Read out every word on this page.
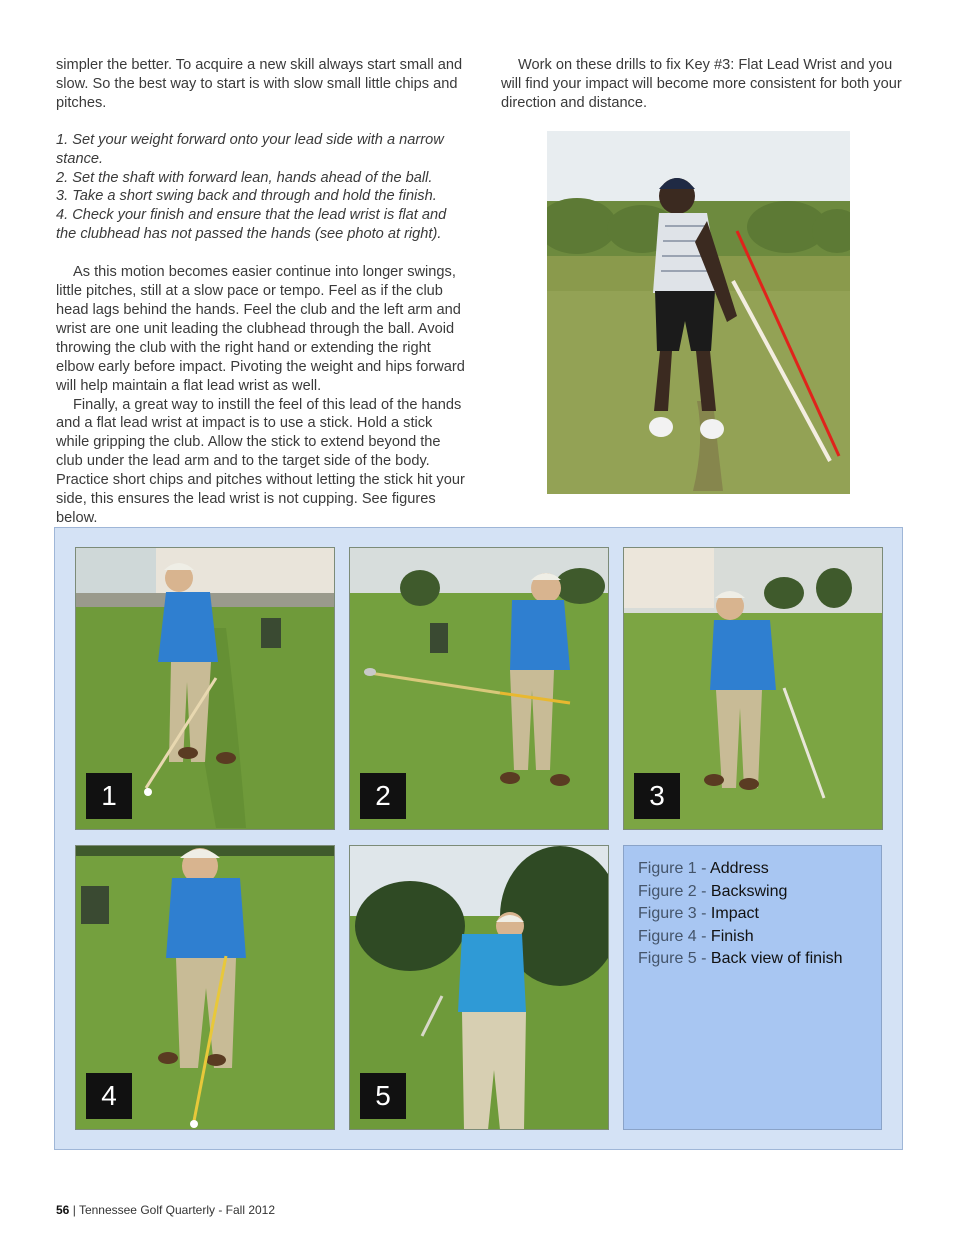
simpler the better. To acquire a new skill always start small and slow. So the best way to start is with slow small little chips and pitches.

1. Set your weight forward onto your lead side with a narrow stance.
2. Set the shaft with forward lean, hands ahead of the ball.
3. Take a short swing back and through and hold the finish.
4. Check your finish and ensure that the lead wrist is flat and the clubhead has not passed the hands (see photo at right).

As this motion becomes easier continue into longer swings, little pitches, still at a slow pace or tempo. Feel as if the club head lags behind the hands. Feel the club and the left arm and wrist are one unit leading the clubhead through the ball. Avoid throwing the club with the right hand or extending the right elbow early before impact. Pivoting the weight and hips forward will help maintain a flat lead wrist as well.

Finally, a great way to instill the feel of this lead of the hands and a flat lead wrist at impact is to use a stick. Hold a stick while gripping the club. Allow the stick to extend beyond the club under the lead arm and to the target side of the body. Practice short chips and pitches without letting the stick hit your side, this ensures the lead wrist is not cupping. See figures below.

Work on these drills to fix Key #3: Flat Lead Wrist and you will find your impact will become more consistent for both your direction and distance.

1	2	3
4	5
Figure 1 - Address
Figure 2 - Backswing
Figure 3 - Impact
Figure 4 - Finish
Figure 5 - Back view of finish
56 | Tennessee Golf Quarterly - Fall 2012
